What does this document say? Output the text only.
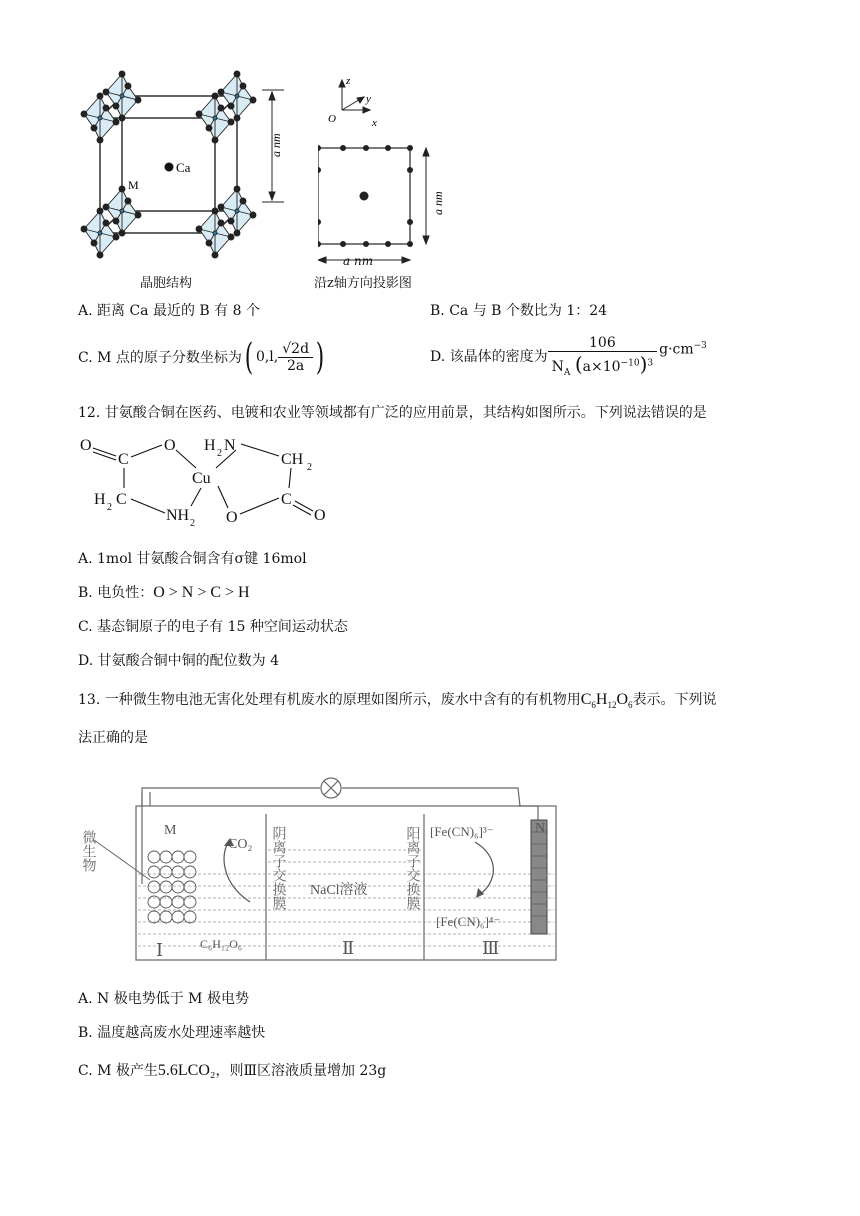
Ca
M
a nm
晶胞结构
z
y
x
O
a nm
a nm
沿z轴方向投影图
A. 距离 Ca 最近的 B 有 8 个	B. Ca 与 B 个数比为 1：24
C. M 点的原子分数坐标为 ( 0,l, $\frac{√2d}{2a}$ )	D. 该晶体的密度为 $\frac{106}{N_A (a\times 10^{-10})^3} g\cdot cm^{-3}$
12. 甘氨酸合铜在医药、电镀和农业等领域都有广泛的应用前景，其结构如图所示。下列说法错误的是
O
C
O
Cu
H 2 C
NH 2
H 2 N
CH 2
O
C
O
A. 1mol 甘氨酸合铜含有σ键 16mol
B. 电负性：O > N > C > H
C. 基态铜原子的电子有 15 种空间运动状态
D. 甘氨酸合铜中铜的配位数为 4
13. 一种微生物电池无害化处理有机废水的原理如图所示，废水中含有的有机物用$C_6H_{12}O_6$表示。下列说
法正确的是
M	N
CO₂
C₆H₁₂O₆
NaCl溶液
[Fe(CN)₆]³⁻
[Fe(CN)₆]⁴⁻
Ⅰ	Ⅱ	Ⅲ
微生物	阴离子交换膜	阳离子交换膜
A. N 极电势低于 M 极电势
B. 温度越高废水处理速率越快
C. M 极产生5.6LCO₂，则Ⅲ区溶液质量增加 23g
